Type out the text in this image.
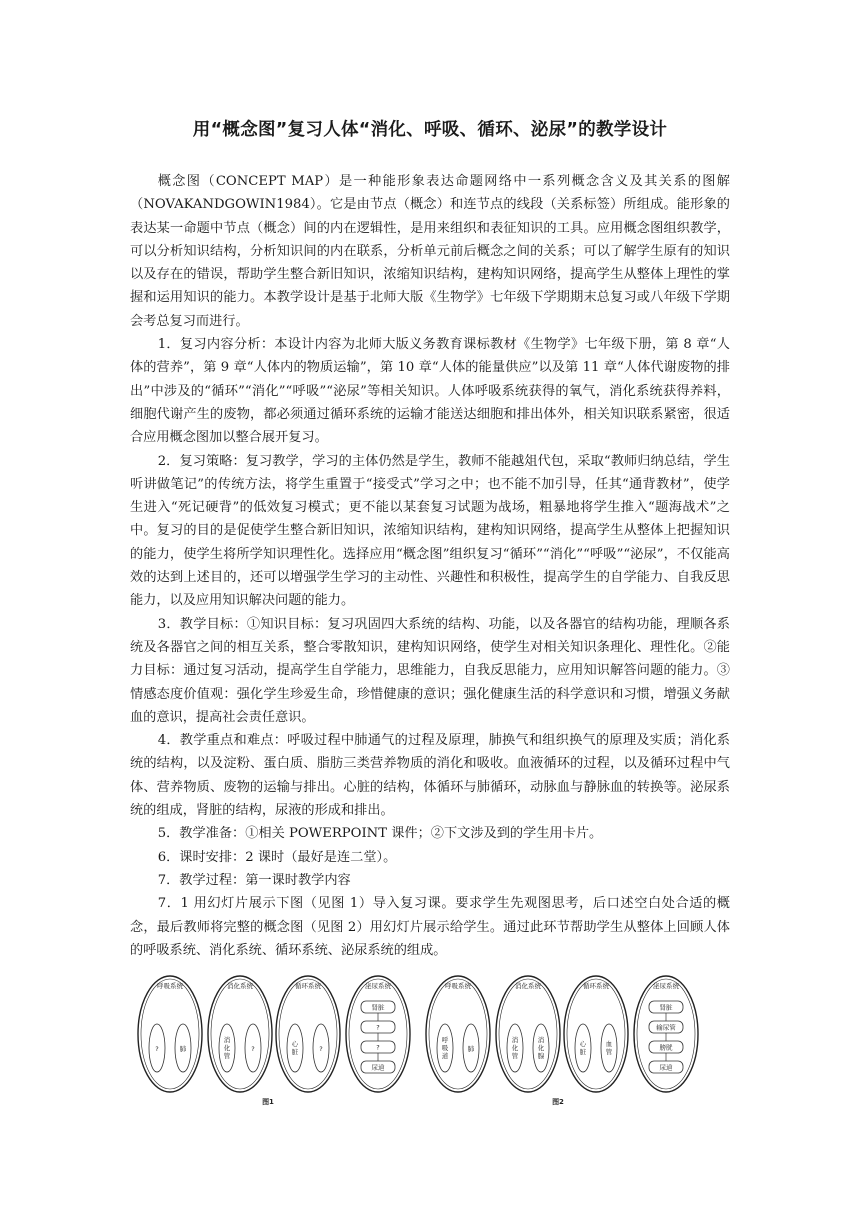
用“概念图”复习人体“消化、呼吸、循环、泌尿”的教学设计

概念图（CONCEPT MAP）是一种能形象表达命题网络中一系列概念含义及其关系的图解（NOVAKANDGOWIN1984）。它是由节点（概念）和连节点的线段（关系标签）所组成。能形象的表达某一命题中节点（概念）间的内在逻辑性，是用来组织和表征知识的工具。应用概念图组织教学，可以分析知识结构，分析知识间的内在联系，分析单元前后概念之间的关系；可以了解学生原有的知识以及存在的错误，帮助学生整合新旧知识，浓缩知识结构，建构知识网络，提高学生从整体上理性的掌握和运用知识的能力。本教学设计是基于北师大版《生物学》七年级下学期期末总复习或八年级下学期会考总复习而进行。

1．复习内容分析：本设计内容为北师大版义务教育课标教材《生物学》七年级下册，第 8 章“人体的营养”，第 9 章“人体内的物质运输”，第 10 章“人体的能量供应”以及第 11 章“人体代谢废物的排出”中涉及的“循环”“消化”“呼吸”“泌尿”等相关知识。人体呼吸系统获得的氧气，消化系统获得养料，细胞代谢产生的废物，都必须通过循环系统的运输才能送达细胞和排出体外，相关知识联系紧密，很适合应用概念图加以整合展开复习。

2．复习策略：复习教学，学习的主体仍然是学生，教师不能越俎代包，采取“教师归纳总结，学生听讲做笔记”的传统方法，将学生重置于“接受式”学习之中；也不能不加引导，任其“通背教材”，使学生进入“死记硬背”的低效复习模式；更不能以某套复习试题为战场，粗暴地将学生推入“题海战术”之中。复习的目的是促使学生整合新旧知识，浓缩知识结构，建构知识网络，提高学生从整体上把握知识的能力，使学生将所学知识理性化。选择应用“概念图”组织复习“循环”“消化”“呼吸”“泌尿”，不仅能高效的达到上述目的，还可以增强学生学习的主动性、兴趣性和积极性，提高学生的自学能力、自我反思能力，以及应用知识解决问题的能力。

3．教学目标：①知识目标：复习巩固四大系统的结构、功能，以及各器官的结构功能，理顺各系统及各器官之间的相互关系，整合零散知识，建构知识网络，使学生对相关知识条理化、理性化。②能力目标：通过复习活动，提高学生自学能力，思维能力，自我反思能力，应用知识解答问题的能力。③情感态度价值观：强化学生珍爱生命，珍惜健康的意识；强化健康生活的科学意识和习惯，增强义务献血的意识，提高社会责任意识。

4．教学重点和难点：呼吸过程中肺通气的过程及原理，肺换气和组织换气的原理及实质；消化系统的结构，以及淀粉、蛋白质、脂肪三类营养物质的消化和吸收。血液循环的过程，以及循环过程中气体、营养物质、废物的运输与排出。心脏的结构，体循环与肺循环，动脉血与静脉血的转换等。泌尿系统的组成，肾脏的结构，尿液的形成和排出。

5．教学准备：①相关 POWERPOINT 课件；②下文涉及到的学生用卡片。

6．课时安排：2 课时（最好是连二堂）。

7．教学过程：第一课时教学内容

7．1 用幻灯片展示下图（见图 1）导入复习课。要求学生先观图思考，后口述空白处合适的概念，最后教师将完整的概念图（见图 2）用幻灯片展示给学生。通过此环节帮助学生从整体上回顾人体的呼吸系统、消化系统、循环系统、泌尿系统的组成。

呼吸系统
?	肺
消化系统
消
化
管
?
循环系统
心
脏	?
泌尿系统
肾脏
?
?
尿道
图1
呼吸系统
呼
吸
道
肺
消化系统
消
化
管
消
化
腺
循环系统
心
脏
血
管
泌尿系统
肾脏
输尿管
膀胱
尿道
图2
